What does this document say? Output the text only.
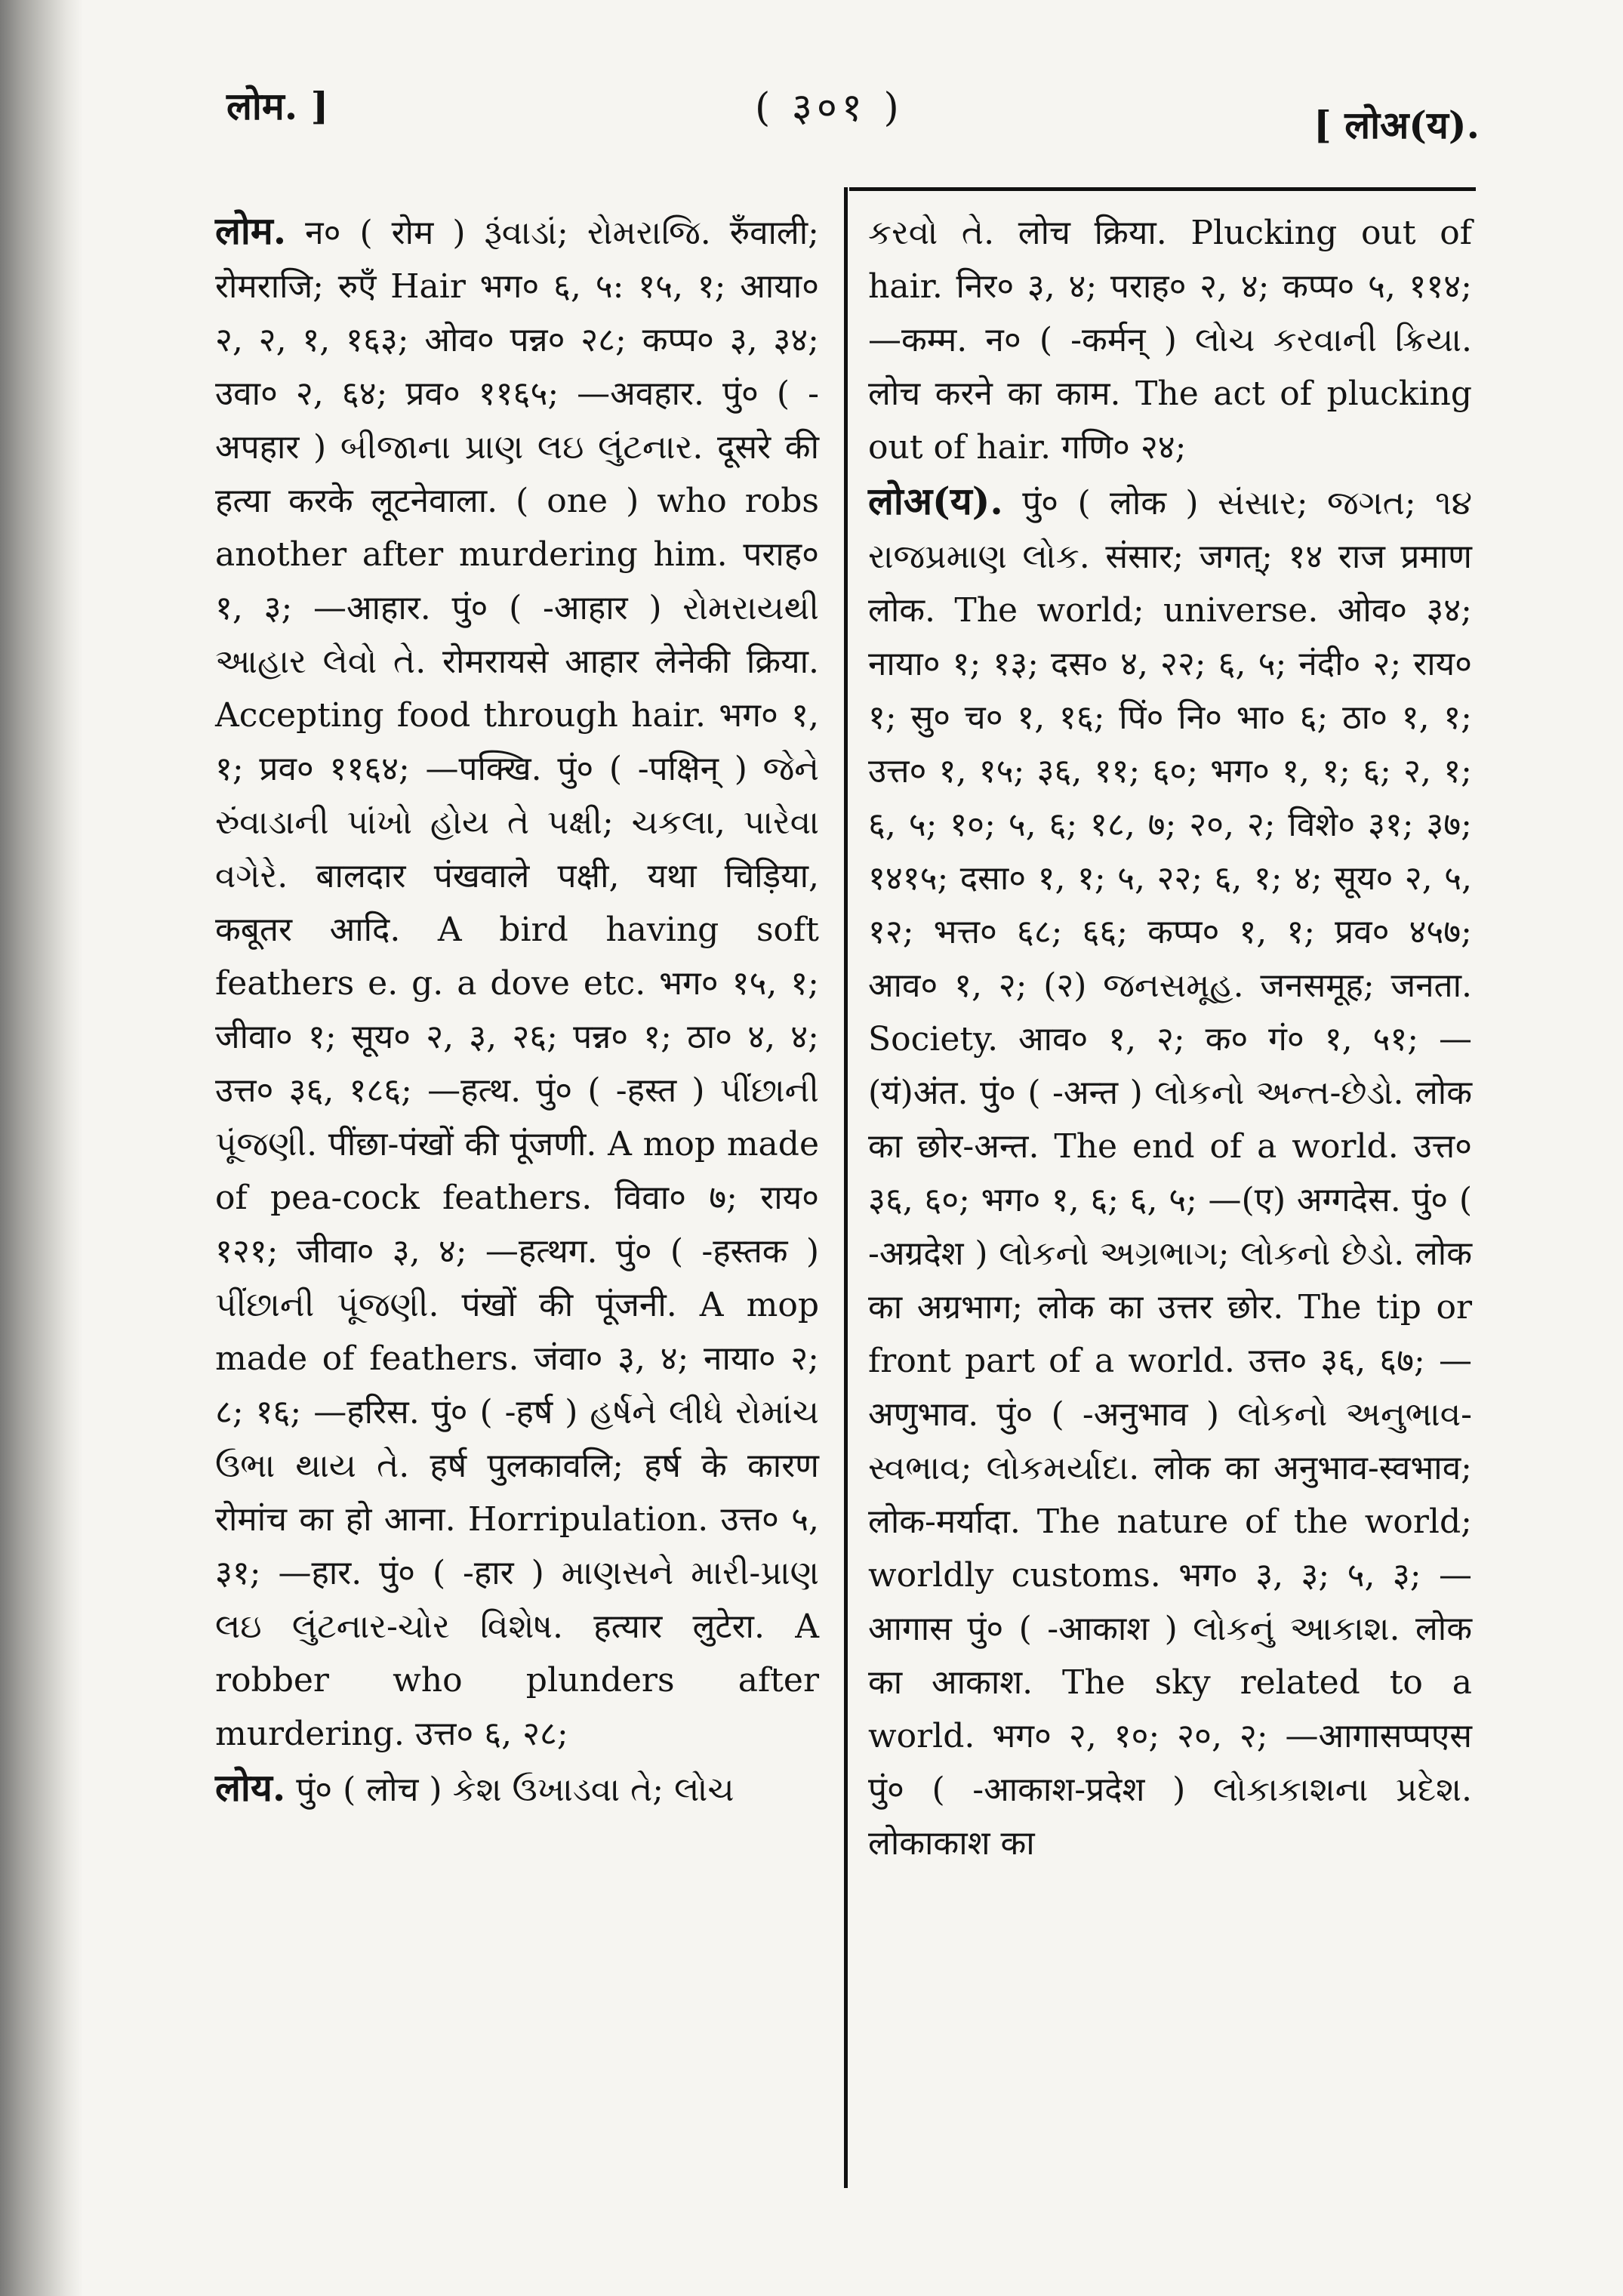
लोम. ]	( ३०१ )	[ लोअ(य).

लोम. न० ( रोम ) રૂંવાડાં; રોમરાજિ. रुँवाली; रोमराजि; रुएँ Hair भग० ६, ५: १५, १; आया० २, २, १, १६३; ओव० पन्न० २८; कप्प० ३, ३४; उवा० २, ६४; प्रव० ११६५; —अवहार. पुं० ( -अपहार ) બીજાના પ્રાણ લઇ લુંટનાર. दूसरे की हत्या करके लूटनेवाला. ( one ) who robs another after murdering him. पराह० १, ३; —आहार. पुं० ( -आहार ) રોમરાયથી આહાર લેવો તે. रोमरायसे आहार लेनेकी क्रिया. Accepting food through hair. भग० १, १; प्रव० ११६४; —पक्खि. पुं० ( -पक्षिन् ) જેને રુંવાડાની પાંખો હોય તે પક્ષી; ચકલા, પારેવા વગેરે. बालदार पंखवाले पक्षी, यथा चिड़िया, कबूतर आदि. A bird having soft feathers e. g. a dove etc. भग० १५, १; जीवा० १; सूय० २, ३, २६; पन्न० १; ठा० ४, ४; उत्त० ३६, १८६; —हत्थ. पुं० ( -हस्त ) પીંછાની પૂંજણી. पींछा-पंखों की पूंजणी. A mop made of pea-cock feathers. विवा० ७; राय० १२१; जीवा० ३, ४; —हत्थग. पुं० ( -हस्तक ) પીંછાની પૂંજણી. पंखों की पूंजनी. A mop made of feathers. जंवा० ३, ४; नाया० २; ८; १६; —हरिस. पुं० ( -हर्ष ) હર્ષને લીધે રોમાંચ ઉભા થાય તે. हर्ष पुलकावलि; हर्ष के कारण रोमांच का हो आना. Horripulation. उत्त० ५, ३१; —हार. पुं० ( -हार ) માણસને મારી-પ્રાણ લઇ લુંટનાર-ચોર વિશેષ. हत्यार लुटेरा. A robber who plunders after murdering. उत्त० ६, २८;

लोय. पुं० ( लोच ) કેશ ઉખાડવા તે; લોચ

કરવો તે. लोच क्रिया. Plucking out of hair. निर० ३, ४; पराह० २, ४; कप्प० ५, ११४; —कम्म. न० ( -कर्मन् ) લોચ કરવાની ક્રિયા. लोच करने का काम. The act of plucking out of hair. गणि० २४;

लोअ(य). पुं० ( लोक ) સંસાર; જગત; ૧૪ રાજપ્રમાણ લોક. संसार; जगत्; १४ राज प्रमाण लोक. The world; universe. ओव० ३४; नाया० १; १३; दस० ४, २२; ६, ५; नंदी० २; राय० १; सु० च० १, १६; पिं० नि० भा० ६; ठा० १, १; उत्त० १, १५; ३६, ११; ६०; भग० १, १; ६; २, १; ६, ५; १०; ५, ६; १८, ७; २०, २; विशे० ३१; ३७; १४१५; दसा० १, १; ५, २२; ६, १; ४; सूय० २, ५, १२; भत्त० ६८; ६६; कप्प० १, १; प्रव० ४५७; आव० १, २; (२) જનસમૂહ. जनसमूह; जनता. Society. आव० १, २; क० गं० १, ५१; —(यं)अंत. पुं० ( -अन्त ) લોકનો અન્ત-છેડો. लोक का छोर-अन्त. The end of a world. उत्त० ३६, ६०; भग० १, ६; ६, ५; —(ए) अग्गदेस. पुं० ( -अग्रदेश ) લોકનો અગ્રભાગ; લોકનો છેડો. लोक का अग्रभाग; लोक का उत्तर छोर. The tip or front part of a world. उत्त० ३६, ६७; —अणुभाव. पुं० ( -अनुभाव ) લોકનો અનુભાવ-સ્વભાવ; લોકમર્યાદા. लोक का अनुभाव-स्वभाव; लोक-मर्यादा. The nature of the world; worldly customs. भग० ३, ३; ५, ३; —आगास पुं० ( -आकाश ) લોકનું આકાશ. लोक का आकाश. The sky related to a world. भग० २, १०; २०, २; —आगासप्पएस पुं० ( -आकाश-प्रदेश ) લોકાકાશના પ્રદેશ. लोकाकाश का
